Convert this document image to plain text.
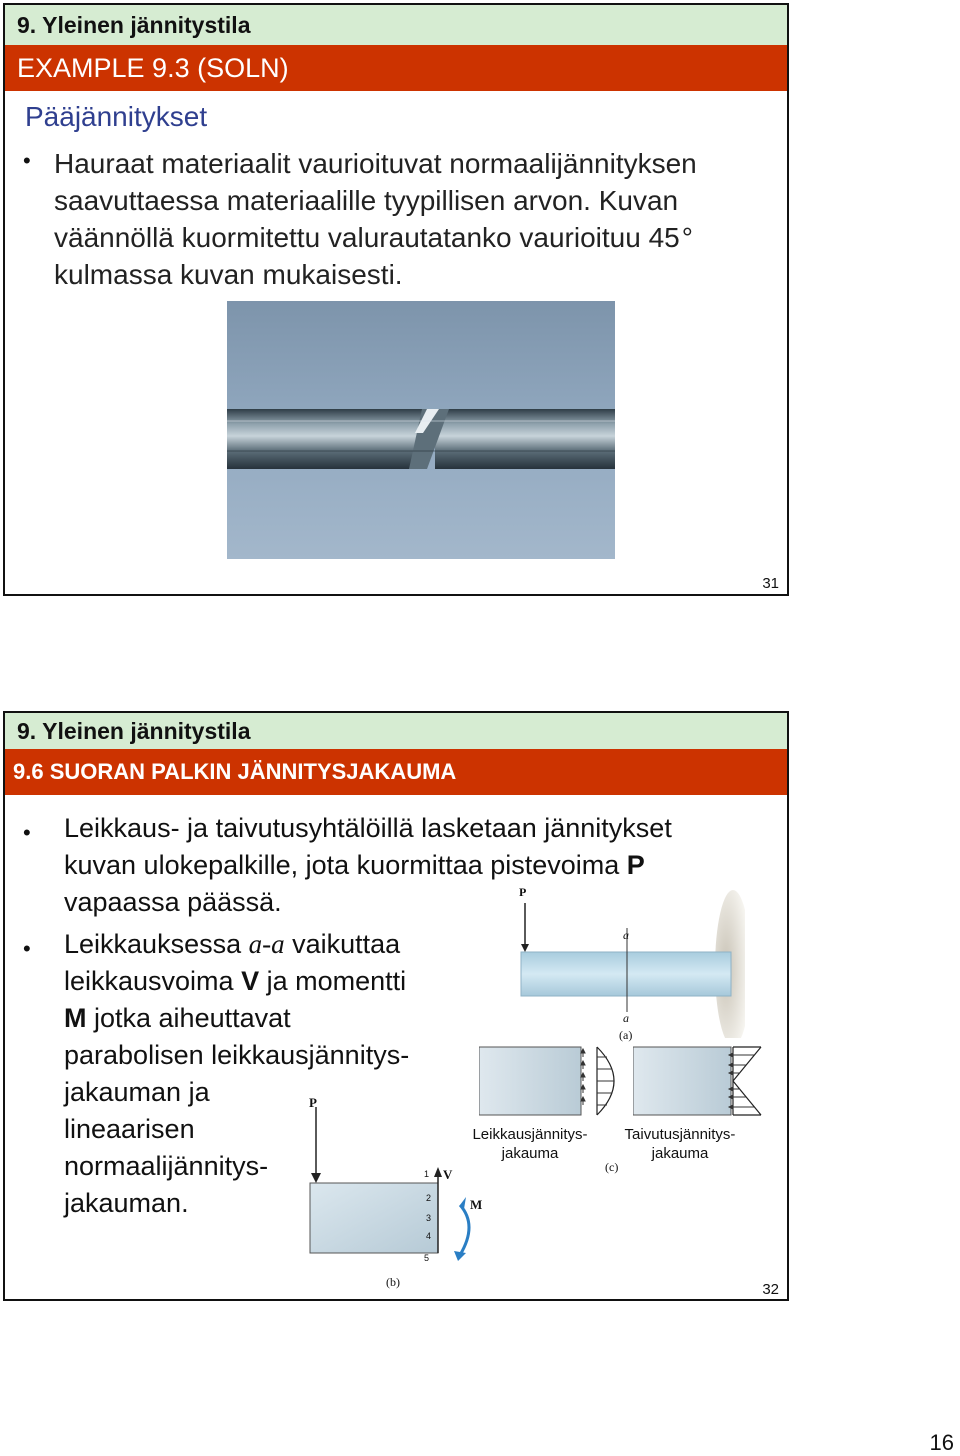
9. Yleinen jännitystila
EXAMPLE 9.3 (SOLN)
Pääjännitykset
• Hauraat materiaalit vaurioituvat normaalijännityksen
saavuttaessa materiaalille tyypillisen arvon. Kuvan
väännöllä kuormitettu valurautatanko vaurioituu 45°
kulmassa kuvan mukaisesti.
31
9. Yleinen jännitystila
9.6 SUORAN PALKIN JÄNNITYSJAKAUMA
• Leikkaus- ja taivutusyhtälöillä lasketaan jännitykset
kuvan ulokepalkille, jota kuormittaa pistevoima P
vapaassa päässä.
• Leikkauksessa a-a vaikuttaa
leikkausvoima V ja momentti
M jotka aiheuttavat
parabolisen leikkausjännitys-
jakauman ja
lineaarisen
normaalijännitys-
jakauman.
P
a
a
(a)
Leikkausjännitys-
jakauma
(c)
Taivutusjännitys-
jakauma
P
V
M
1
2
3
4
5
(b)	32
16
